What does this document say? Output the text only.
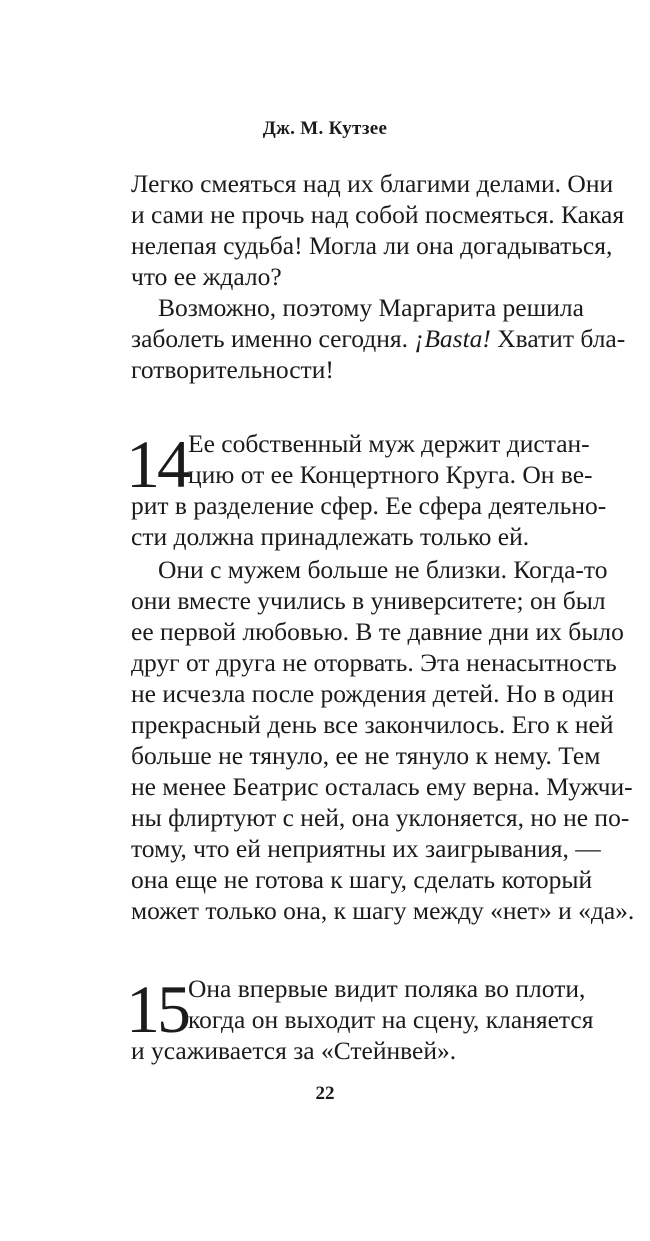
Дж. М. Кутзее
Легко смеяться над их благими делами. Они
и сами не прочь над собой посмеяться. Какая
нелепая судьба! Могла ли она догадываться,
что ее ждало?
Возможно, поэтому Маргарита решила
заболеть именно сегодня. ¡Basta! Хватит бла-
готворительности!
14 Ее собственный муж держит дистан-
цию от ее Концертного Круга. Он ве-
рит в разделение сфер. Ее сфера деятельно-
сти должна принадлежать только ей.
Они с мужем больше не близки. Когда-то
они вместе учились в университете; он был
ее первой любовью. В те давние дни их было
друг от друга не оторвать. Эта ненасытность
не исчезла после рождения детей. Но в один
прекрасный день все закончилось. Его к ней
больше не тянуло, ее не тянуло к нему. Тем
не менее Беатрис осталась ему верна. Мужчи-
ны флиртуют с ней, она уклоняется, но не по-
тому, что ей неприятны их заигрывания, —
она еще не готова к шагу, сделать который
может только она, к шагу между «нет» и «да».
15 Она впервые видит поляка во плоти,
когда он выходит на сцену, кланяется
и усаживается за «Стейнвей».
22
